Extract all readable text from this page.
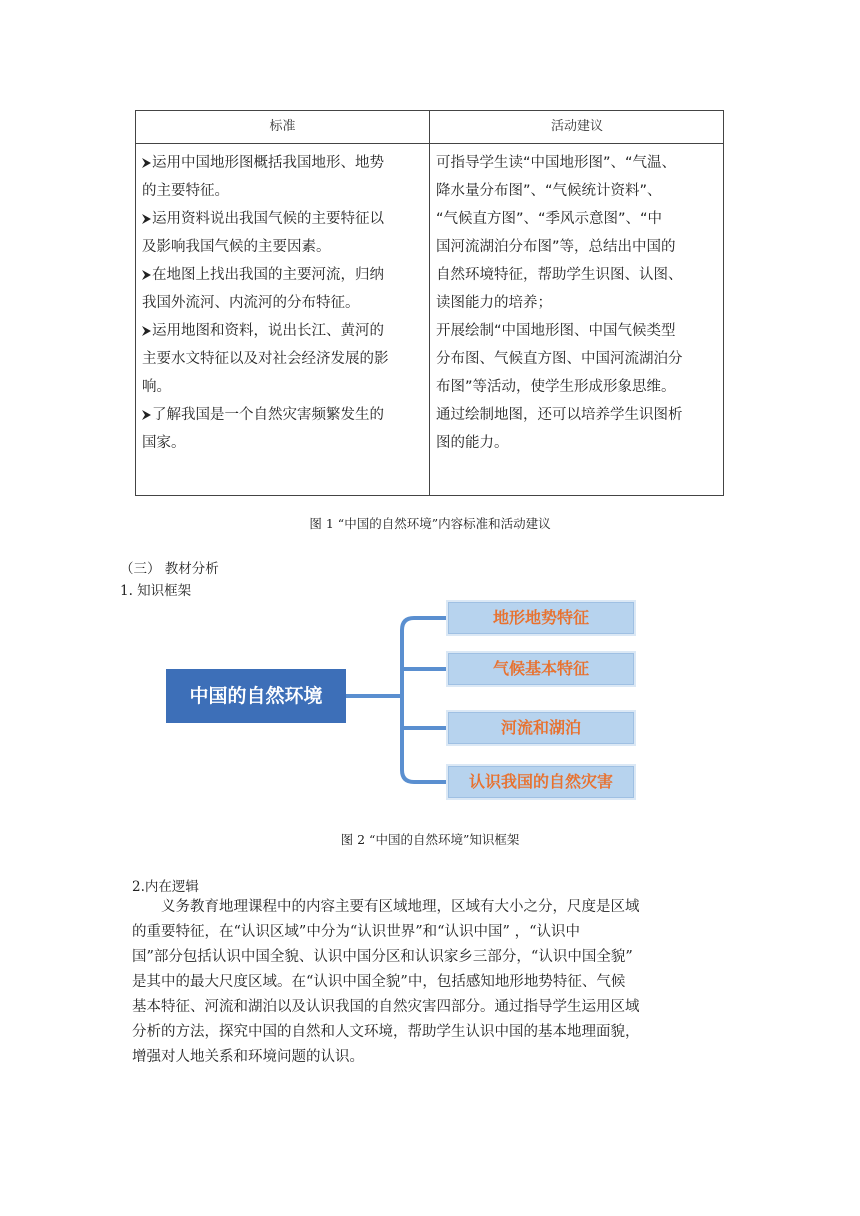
标准	活动建议

运用中国地形图概括我国地形、地势
的主要特征。

运用资料说出我国气候的主要特征以
及影响我国气候的主要因素。

在地图上找出我国的主要河流，归纳
我国外流河、内流河的分布特征。

运用地图和资料，说出长江、黄河的
主要水文特征以及对社会经济发展的影
响。

了解我国是一个自然灾害频繁发生的
国家。

可指导学生读“中国地形图”、“气温、

降水量分布图”、“气候统计资料”、

“气候直方图”、“季风示意图”、“中

国河流湖泊分布图”等，总结出中国的

自然环境特征，帮助学生识图、认图、

读图能力的培养；

开展绘制“中国地形图、中国气候类型

分布图、气候直方图、中国河流湖泊分

布图”等活动，使学生形成形象思维。

通过绘制地图，还可以培养学生识图析

图的能力。

图 1 “中国的自然环境”内容标准和活动建议
（三） 教材分析
1. 知识框架
中国的自然环境
地形地势特征
气候基本特征
河流和湖泊
认识我国的自然灾害
图 2 “中国的自然环境”知识框架
2.内在逻辑

　　义务教育地理课程中的内容主要有区域地理，区域有大小之分，尺度是区域

的重要特征，在“认识区域”中分为“认识世界”和“认识中国” ，“认识中

国”部分包括认识中国全貌、认识中国分区和认识家乡三部分，“认识中国全貌”

是其中的最大尺度区域。在“认识中国全貌”中，包括感知地形地势特征、气候

基本特征、河流和湖泊以及认识我国的自然灾害四部分。通过指导学生运用区域

分析的方法，探究中国的自然和人文环境，帮助学生认识中国的基本地理面貌，

增强对人地关系和环境问题的认识。
